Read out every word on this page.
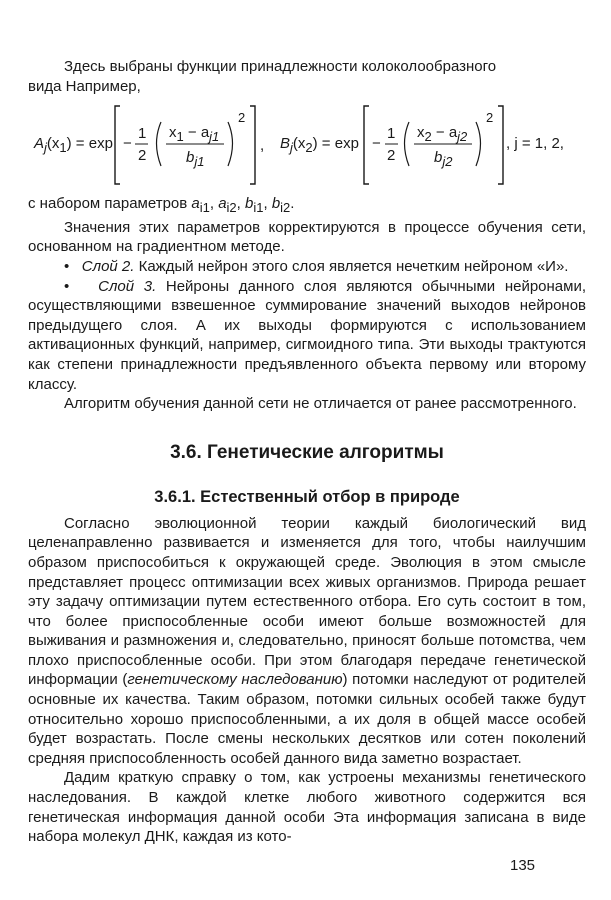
Здесь выбраны функции принадлежности колоколообразного

вида Например,

$A_j(x_1) = \exp$ −
1
2
$x_1 - a_{j1}$
$b_{j1}$
2
, $B_j(x_2) = \exp$ −
1
2
$x_2 - a_{j2}$
$b_{j2}$
2
, j = 1, 2,

с набором параметров $a_{i1}$, $a_{i2}$, $b_{i1}$, $b_{i2}$.

Значения этих параметров корректируются в процессе обучения сети, основанном на градиентном методе.

• Слой 2. Каждый нейрон этого слоя является нечетким нейроном «И».

• Слой 3. Нейроны данного слоя являются обычными нейронами, осуществляющими взвешенное суммирование значений выходов нейронов предыдущего слоя. А их выходы формируются с использованием активационных функций, например, сигмоидного типа. Эти выходы трактуются как степени принадлежности предъявленного объекта первому или второму классу.

Алгоритм обучения данной сети не отличается от ранее рассмотренного.

3.6. Генетические алгоритмы
3.6.1. Естественный отбор в природе

Согласно эволюционной теории каждый биологический вид целенаправленно развивается и изменяется для того, чтобы наилучшим образом приспособиться к окружающей среде. Эволюция в этом смысле представляет процесс оптимизации всех живых организмов. Природа решает эту задачу оптимизации путем естественного отбора. Его суть состоит в том, что более приспособленные особи имеют больше возможностей для выживания и размножения и, следовательно, приносят больше потомства, чем плохо приспособленные особи. При этом благодаря передаче генетической информации (генетическому наследованию) потомки наследуют от родителей основные их качества. Таким образом, потомки сильных особей также будут относительно хорошо приспособленными, а их доля в общей массе особей будет возрастать. После смены нескольких десятков или сотен поколений средняя приспособленность особей данного вида заметно возрастает.

Дадим краткую справку о том, как устроены механизмы генетического наследования. В каждой клетке любого животного содержится вся генетическая информация данной особи Эта информация записана в виде набора молекул ДНК, каждая из кото-

135
